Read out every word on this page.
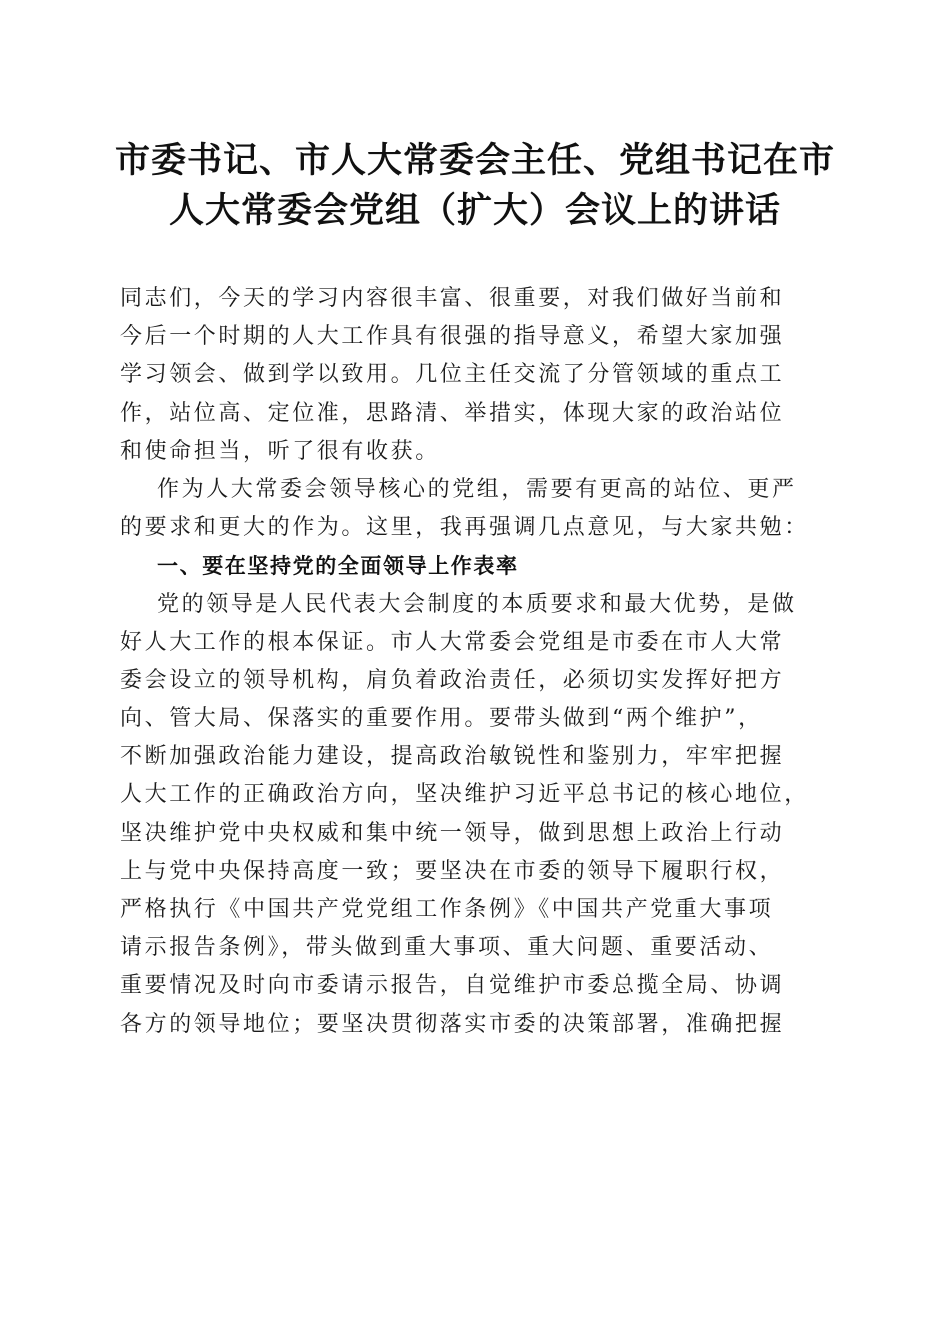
市委书记、市人大常委会主任、党组书记在市
人大常委会党组（扩大）会议上的讲话
同志们，今天的学习内容很丰富、很重要，对我们做好当前和
今后一个时期的人大工作具有很强的指导意义，希望大家加强
学习领会、做到学以致用。几位主任交流了分管领域的重点工
作，站位高、定位准，思路清、举措实，体现大家的政治站位
和使命担当，听了很有收获。
作为人大常委会领导核心的党组，需要有更高的站位、更严
的要求和更大的作为。这里，我再强调几点意见，与大家共勉：
一、要在坚持党的全面领导上作表率
党的领导是人民代表大会制度的本质要求和最大优势，是做
好人大工作的根本保证。市人大常委会党组是市委在市人大常
委会设立的领导机构，肩负着政治责任，必须切实发挥好把方
向、管大局、保落实的重要作用。要带头做到“两个维护”，
不断加强政治能力建设，提高政治敏锐性和鉴别力，牢牢把握
人大工作的正确政治方向，坚决维护习近平总书记的核心地位，
坚决维护党中央权威和集中统一领导，做到思想上政治上行动
上与党中央保持高度一致；要坚决在市委的领导下履职行权，
严格执行《中国共产党党组工作条例》《中国共产党重大事项
请示报告条例》，带头做到重大事项、重大问题、重要活动、
重要情况及时向市委请示报告，自觉维护市委总揽全局、协调
各方的领导地位；要坚决贯彻落实市委的决策部署，准确把握
